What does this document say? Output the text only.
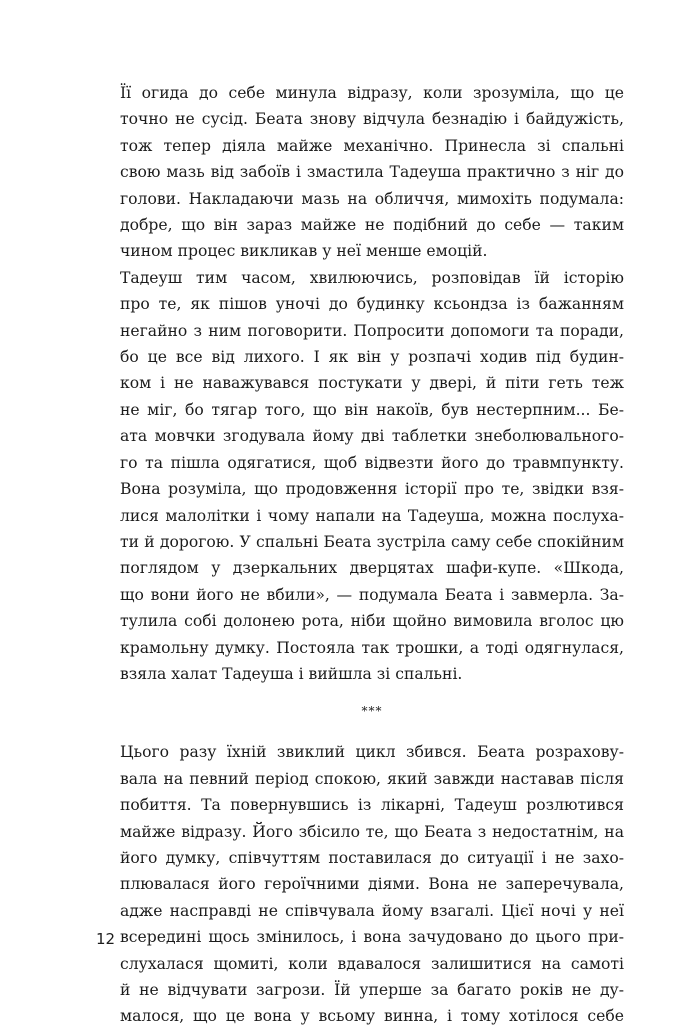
Її огида до себе минула відразу, коли зрозуміла, що це
точно не сусід. Беата знову відчула безнадію і байдужість,
тож тепер діяла майже механічно. Принесла зі спальні
свою мазь від забоїв і змастила Тадеуша практично з ніг до
голови. Накладаючи мазь на обличчя, мимохіть подумала:
добре, що він зараз майже не подібний до себе — таким
чином процес викликав у неї менше емоцій.
Тадеуш тим часом, хвилюючись, розповідав їй історію
про те, як пішов уночі до будинку ксьондза із бажанням
негайно з ним поговорити. Попросити допомоги та поради,
бо це все від лихого. І як він у розпачі ходив під будин-
ком і не наважувався постукати у двері, й піти геть теж
не міг, бо тягар того, що він накоїв, був нестерпним... Бе-
ата мовчки згодувала йому дві таблетки знеболювального-
го та пішла одягатися, щоб відвезти його до травмпункту.
Вона розуміла, що продовження історії про те, звідки взя-
лися малолітки і чому напали на Тадеуша, можна послуха-
ти й дорогою. У спальні Беата зустріла саму себе спокійним
поглядом у дзеркальних дверцятах шафи-купе. «Шкода,
що вони його не вбили», — подумала Беата і завмерла. За-
тулила собі долонею рота, ніби щойно вимовила вголос цю
крамольну думку. Постояла так трошки, а тоді одягнулася,
взяла халат Тадеуша і вийшла зі спальні.
***
Цього разу їхній звиклий цикл збився. Беата розрахову-
вала на певний період спокою, який завжди наставав після
побиття. Та повернувшись із лікарні, Тадеуш розлютився
майже відразу. Його збісило те, що Беата з недостатнім, на
його думку, співчуттям поставилася до ситуації і не захо-
плювалася його героїчними діями. Вона не заперечувала,
адже насправді не співчувала йому взагалі. Цієї ночі у неї
всередині щось змінилось, і вона зачудовано до цього при-
слухалася щомиті, коли вдавалося залишитися на самоті
й не відчувати загрози. Їй уперше за багато років не ду-
малося, що це вона у всьому винна, і тому хотілося себе
12
